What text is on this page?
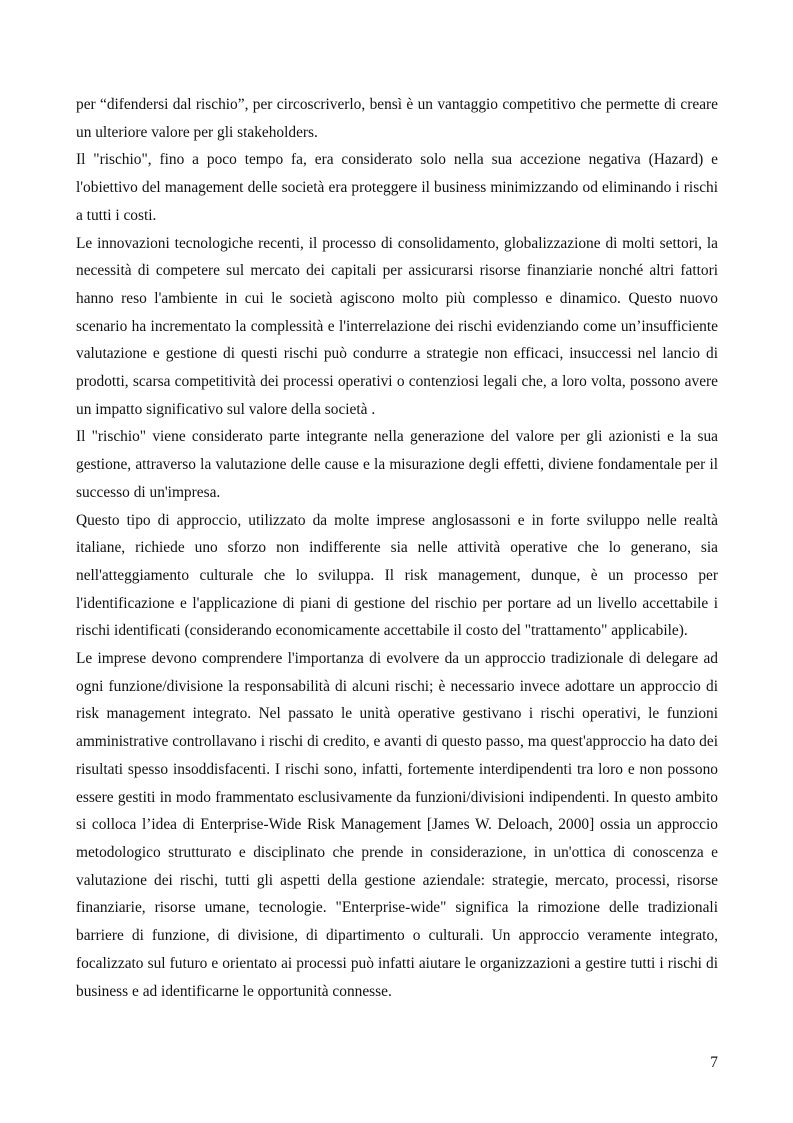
per “difendersi dal rischio”, per circoscriverlo, bensì è un vantaggio competitivo che permette di creare un ulteriore valore per gli stakeholders.

Il "rischio", fino a poco tempo fa, era considerato solo nella sua accezione negativa (Hazard) e l'obiettivo del management delle società era proteggere il business minimizzando od eliminando i rischi a tutti i costi.

Le innovazioni tecnologiche recenti, il processo di consolidamento, globalizzazione di molti settori, la necessità di competere sul mercato dei capitali per assicurarsi risorse finanziarie nonché altri fattori hanno reso l'ambiente in cui le società agiscono molto più complesso e dinamico. Questo nuovo scenario ha incrementato la complessità e l'interrelazione dei rischi evidenziando come un’insufficiente valutazione e gestione di questi rischi può condurre a strategie non efficaci, insuccessi nel lancio di prodotti, scarsa competitività dei processi operativi o contenziosi legali che, a loro volta, possono avere un impatto significativo sul valore della società .

Il "rischio" viene considerato parte integrante nella generazione del valore per gli azionisti e la sua gestione, attraverso la valutazione delle cause e la misurazione degli effetti, diviene fondamentale per il successo di un'impresa.

Questo tipo di approccio, utilizzato da molte imprese anglosassoni e in forte sviluppo nelle realtà italiane, richiede uno sforzo non indifferente sia nelle attività operative che lo generano, sia nell'atteggiamento culturale che lo sviluppa. Il risk management, dunque, è un processo per l'identificazione e l'applicazione di piani di gestione del rischio per portare ad un livello accettabile i rischi identificati (considerando economicamente accettabile il costo del "trattamento" applicabile).

Le imprese devono comprendere l'importanza di evolvere da un approccio tradizionale di delegare ad ogni funzione/divisione la responsabilità di alcuni rischi; è necessario invece adottare un approccio di risk management integrato. Nel passato le unità operative gestivano i rischi operativi, le funzioni amministrative controllavano i rischi di credito, e avanti di questo passo, ma quest'approccio ha dato dei risultati spesso insoddisfacenti. I rischi sono, infatti, fortemente interdipendenti tra loro e non possono essere gestiti in modo frammentato esclusivamente da funzioni/divisioni indipendenti. In questo ambito si colloca l’idea di Enterprise-Wide Risk Management [James W. Deloach, 2000] ossia un approccio metodologico strutturato e disciplinato che prende in considerazione, in un'ottica di conoscenza e valutazione dei rischi, tutti gli aspetti della gestione aziendale: strategie, mercato, processi, risorse finanziarie, risorse umane, tecnologie. "Enterprise-wide" significa la rimozione delle tradizionali barriere di funzione, di divisione, di dipartimento o culturali. Un approccio veramente integrato, focalizzato sul futuro e orientato ai processi può infatti aiutare le organizzazioni a gestire tutti i rischi di business e ad identificarne le opportunità connesse.

7
